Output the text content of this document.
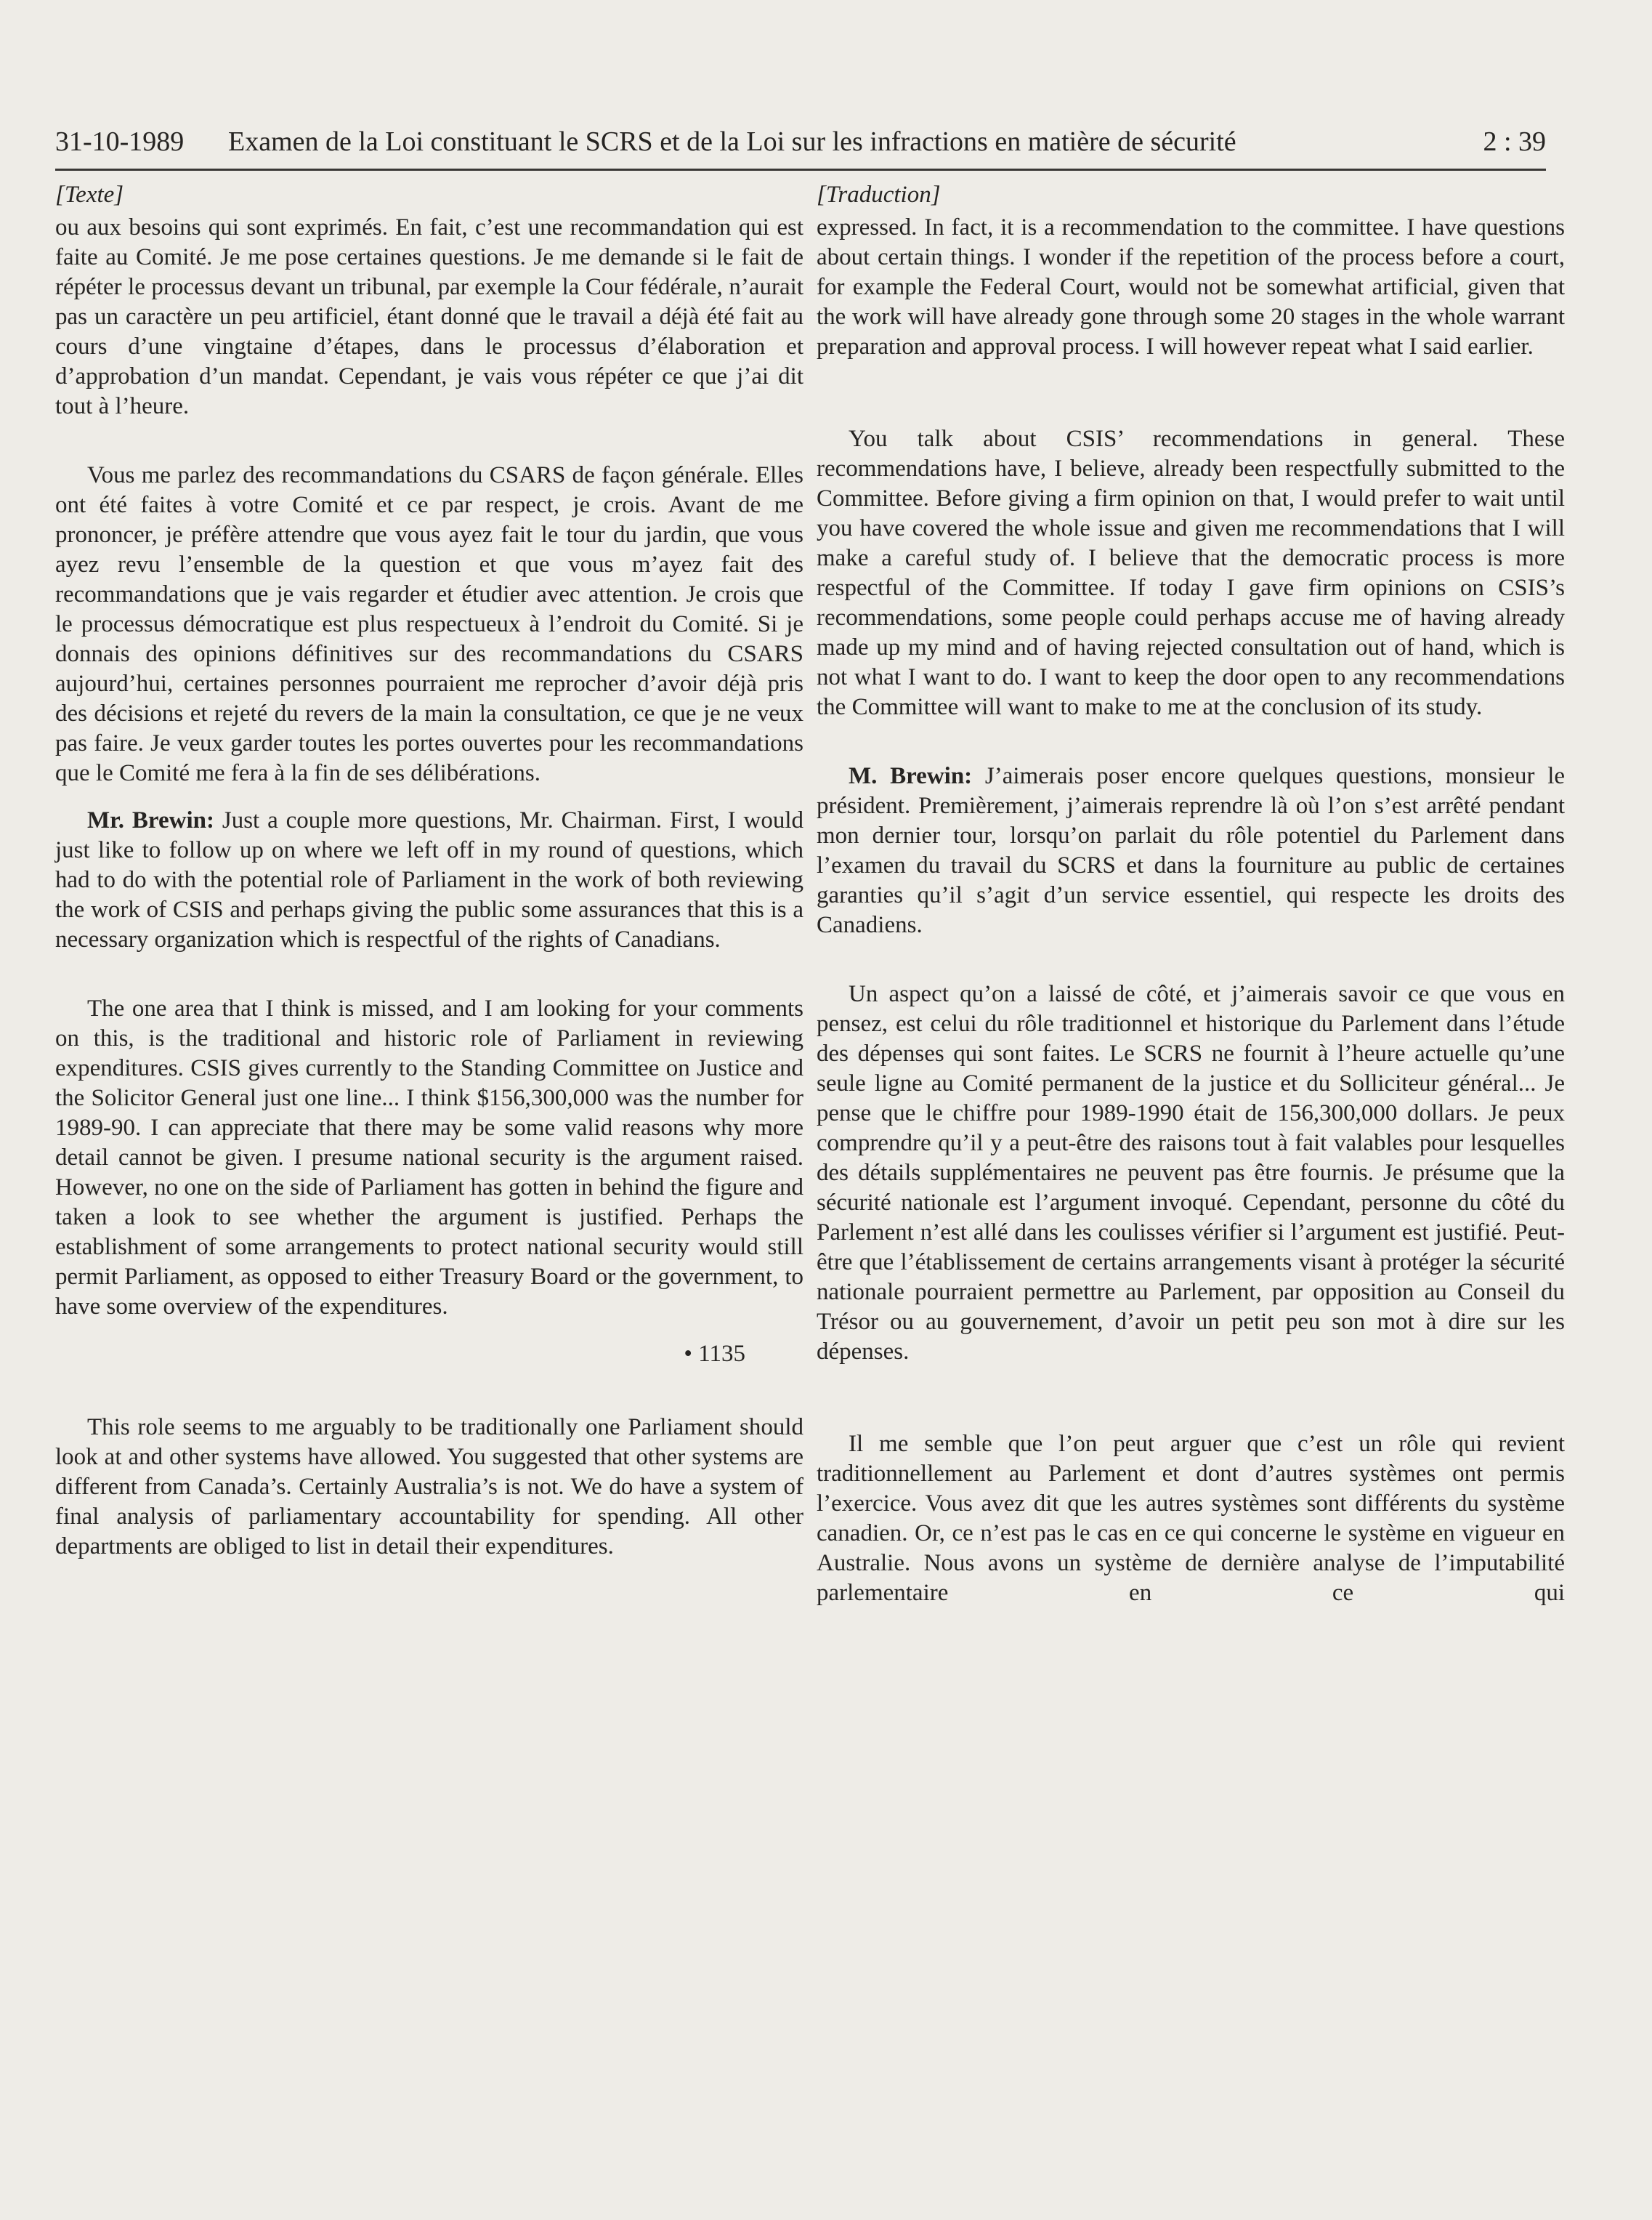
31-10-1989 Examen de la Loi constituant le SCRS et de la Loi sur les infractions en matière de sécurité	2 : 39
[Texte]

ou aux besoins qui sont exprimés. En fait, c’est une recommandation qui est faite au Comité. Je me pose certaines questions. Je me demande si le fait de répéter le processus devant un tribunal, par exemple la Cour fédérale, n’aurait pas un caractère un peu artificiel, étant donné que le travail a déjà été fait au cours d’une vingtaine d’étapes, dans le processus d’élaboration et d’approbation d’un mandat. Cependant, je vais vous répéter ce que j’ai dit tout à l’heure.

Vous me parlez des recommandations du CSARS de façon générale. Elles ont été faites à votre Comité et ce par respect, je crois. Avant de me prononcer, je préfère attendre que vous ayez fait le tour du jardin, que vous ayez revu l’ensemble de la question et que vous m’ayez fait des recommandations que je vais regarder et étudier avec attention. Je crois que le processus démocratique est plus respectueux à l’endroit du Comité. Si je donnais des opinions définitives sur des recommandations du CSARS aujourd’hui, certaines personnes pourraient me reprocher d’avoir déjà pris des décisions et rejeté du revers de la main la consultation, ce que je ne veux pas faire. Je veux garder toutes les portes ouvertes pour les recommandations que le Comité me fera à la fin de ses délibérations.

Mr. Brewin: Just a couple more questions, Mr. Chairman. First, I would just like to follow up on where we left off in my round of questions, which had to do with the potential role of Parliament in the work of both reviewing the work of CSIS and perhaps giving the public some assurances that this is a necessary organization which is respectful of the rights of Canadians.

The one area that I think is missed, and I am looking for your comments on this, is the traditional and historic role of Parliament in reviewing expenditures. CSIS gives currently to the Standing Committee on Justice and the Solicitor General just one line... I think $156,300,000 was the number for 1989-90. I can appreciate that there may be some valid reasons why more detail cannot be given. I presume national security is the argument raised. However, no one on the side of Parliament has gotten in behind the figure and taken a look to see whether the argument is justified. Perhaps the establishment of some arrangements to protect national security would still permit Parliament, as opposed to either Treasury Board or the government, to have some overview of the expenditures.

• 1135

This role seems to me arguably to be traditionally one Parliament should look at and other systems have allowed. You suggested that other systems are different from Canada’s. Certainly Australia’s is not. We do have a system of final analysis of parliamentary accountability for spending. All other departments are obliged to list in detail their expenditures.

[Traduction]

expressed. In fact, it is a recommendation to the committee. I have questions about certain things. I wonder if the repetition of the process before a court, for example the Federal Court, would not be somewhat artificial, given that the work will have already gone through some 20 stages in the whole warrant preparation and approval process. I will however repeat what I said earlier.

You talk about CSIS’ recommendations in general. These recommendations have, I believe, already been respectfully submitted to the Committee. Before giving a firm opinion on that, I would prefer to wait until you have covered the whole issue and given me recommendations that I will make a careful study of. I believe that the democratic process is more respectful of the Committee. If today I gave firm opinions on CSIS’s recommendations, some people could perhaps accuse me of having already made up my mind and of having rejected consultation out of hand, which is not what I want to do. I want to keep the door open to any recommendations the Committee will want to make to me at the conclusion of its study.

M. Brewin: J’aimerais poser encore quelques questions, monsieur le président. Premièrement, j’aimerais reprendre là où l’on s’est arrêté pendant mon dernier tour, lorsqu’on parlait du rôle potentiel du Parlement dans l’examen du travail du SCRS et dans la fourniture au public de certaines garanties qu’il s’agit d’un service essentiel, qui respecte les droits des Canadiens.

Un aspect qu’on a laissé de côté, et j’aimerais savoir ce que vous en pensez, est celui du rôle traditionnel et historique du Parlement dans l’étude des dépenses qui sont faites. Le SCRS ne fournit à l’heure actuelle qu’une seule ligne au Comité permanent de la justice et du Solliciteur général... Je pense que le chiffre pour 1989-1990 était de 156,300,000 dollars. Je peux comprendre qu’il y a peut-être des raisons tout à fait valables pour lesquelles des détails supplémentaires ne peuvent pas être fournis. Je présume que la sécurité nationale est l’argument invoqué. Cependant, personne du côté du Parlement n’est allé dans les coulisses vérifier si l’argument est justifié. Peut-être que l’établissement de certains arrangements visant à protéger la sécurité nationale pourraient permettre au Parlement, par opposition au Conseil du Trésor ou au gouvernement, d’avoir un petit peu son mot à dire sur les dépenses.

Il me semble que l’on peut arguer que c’est un rôle qui revient traditionnellement au Parlement et dont d’autres systèmes ont permis l’exercice. Vous avez dit que les autres systèmes sont différents du système canadien. Or, ce n’est pas le cas en ce qui concerne le système en vigueur en Australie. Nous avons un système de dernière analyse de l’imputabilité parlementaire en ce qui
